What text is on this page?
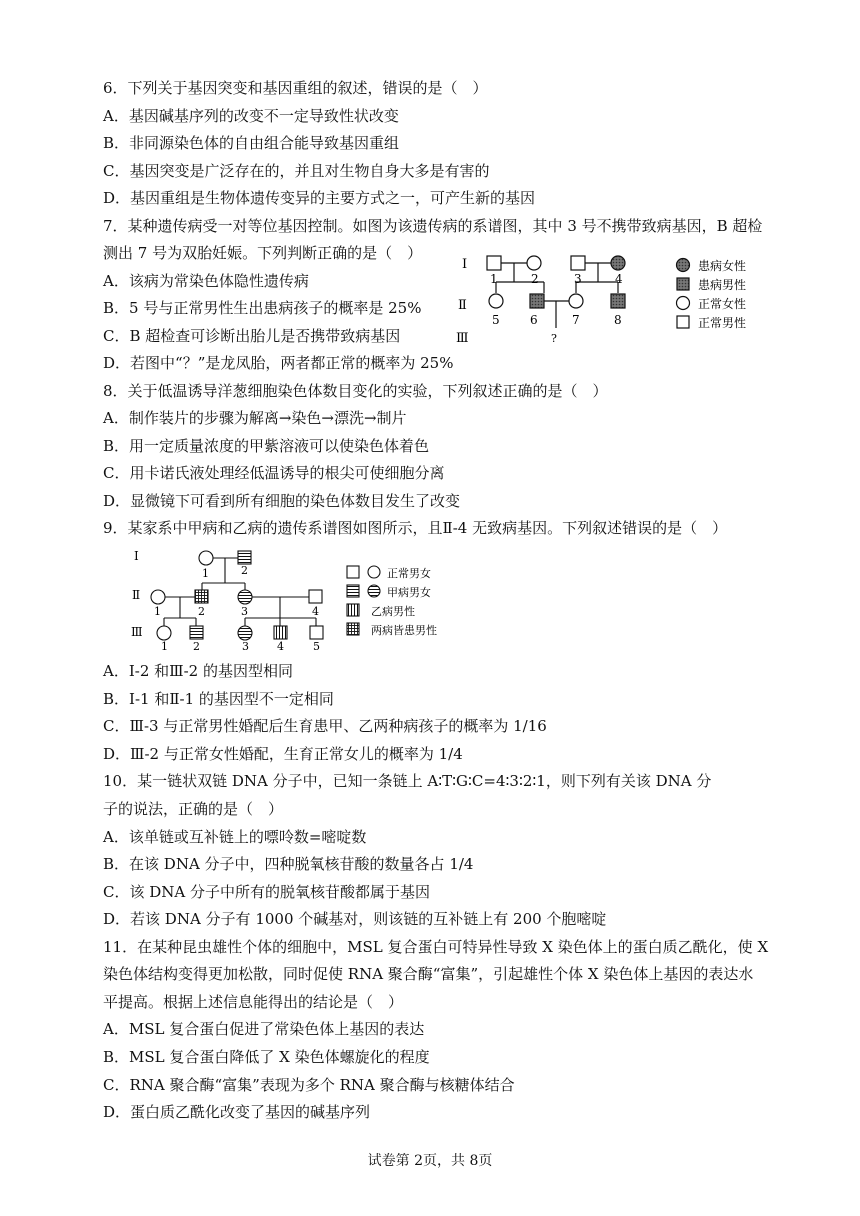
6．下列关于基因突变和基因重组的叙述，错误的是（　）
A．基因碱基序列的改变不一定导致性状改变
B．非同源染色体的自由组合能导致基因重组
C．基因突变是广泛存在的，并且对生物自身大多是有害的
D．基因重组是生物体遗传变异的主要方式之一，可产生新的基因
7．某种遗传病受一对等位基因控制。如图为该遗传病的系谱图，其中 3 号不携带致病基因，B 超检
测出 7 号为双胎妊娠。下列判断正确的是（　）
A．该病为常染色体隐性遗传病
B．5 号与正常男性生出患病孩子的概率是 25%
C．B 超检查可诊断出胎儿是否携带致病基因
D．若图中“？”是龙凤胎，两者都正常的概率为 25%
Ⅰ
Ⅱ
Ⅲ
1	2	3	4
5	6	7	8
?
患病女性
患病男性
正常女性
正常男性
8．关于低温诱导洋葱细胞染色体数目变化的实验，下列叙述正确的是（　）
A．制作装片的步骤为解离→染色→漂洗→制片
B．用一定质量浓度的甲紫溶液可以使染色体着色
C．用卡诺氏液处理经低温诱导的根尖可使细胞分离
D．显微镜下可看到所有细胞的染色体数目发生了改变
9．某家系中甲病和乙病的遗传系谱图如图所示，且Ⅱ-4 无致病基因。下列叙述错误的是（　）
Ⅰ
Ⅱ
Ⅲ
1	2
1	2	3	4
1 2	3	4	5
正常男女
甲病男女
乙病男性
两病皆患男性
A．Ⅰ-2 和Ⅲ-2 的基因型相同
B．Ⅰ-1 和Ⅱ-1 的基因型不一定相同
C．Ⅲ-3 与正常男性婚配后生育患甲、乙两种病孩子的概率为 1/16
D．Ⅲ-2 与正常女性婚配，生育正常女儿的概率为 1/4
10．某一链状双链 DNA 分子中，已知一条链上 A∶T∶G∶C=4∶3∶2∶1，则下列有关该 DNA 分
子的说法，正确的是（　）
A．该单链或互补链上的嘌呤数=嘧啶数
B．在该 DNA 分子中，四种脱氧核苷酸的数量各占 1/4
C．该 DNA 分子中所有的脱氧核苷酸都属于基因
D．若该 DNA 分子有 1000 个碱基对，则该链的互补链上有 200 个胞嘧啶
11．在某种昆虫雄性个体的细胞中，MSL 复合蛋白可特异性导致 X 染色体上的蛋白质乙酰化，使 X
染色体结构变得更加松散，同时促使 RNA 聚合酶“富集”，引起雄性个体 X 染色体上基因的表达水
平提高。根据上述信息能得出的结论是（　）
A．MSL 复合蛋白促进了常染色体上基因的表达
B．MSL 复合蛋白降低了 X 染色体螺旋化的程度
C．RNA 聚合酶“富集”表现为多个 RNA 聚合酶与核糖体结合
D．蛋白质乙酰化改变了基因的碱基序列
试卷第 2页，共 8页
